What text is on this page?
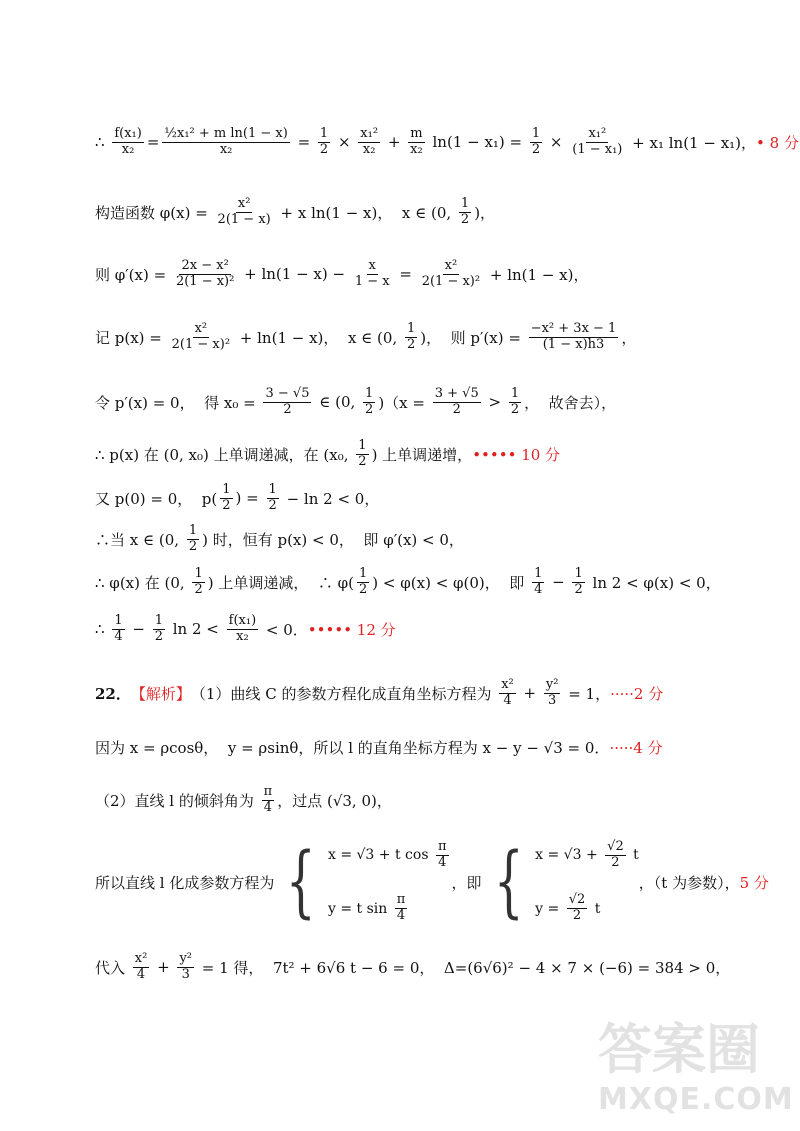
∴ $\frac{\text{f(x₁)}}{\text{x₂}} = \frac{\text{½x₁² + m ln(1 − x)}}{\text{x₂}} = \frac{1}{2} \times \frac{\text{x₁²}}{\text{x₂}} + \frac{m}{\text{x₂}} \ln(1 - x_1) = \frac{1}{2} \times \frac{\text{x₁²}}{\text{(1 − x₁)}} + x_1$ ln(1 − x₁)， • 8 分
构造函数 $\varphi(x) = \frac{\text{x²}}{2(1 - x)} + x$ ln(1 − x)，  x ∈ (0, $\frac{1}{2}$ )，
则 $\varphi'(x) = \frac{\text{2x − x²}}{\text{2(1 − x)²}} + \ln(1 - x) - \frac{x}{1 - x} = \frac{\text{x²}}{\text{2(1 − x)²}} + \ln(1 - x)$，
记 $p(x) = \frac{\text{x²}}{\text{2(1 − x)²}} + \ln(1 - x)$，  x ∈ (0, $\frac{1}{2}$ )，  则 $p'(x) = \frac{\text{−x² + 3x − 1}}{(1 - x)h3}$ ，
令 p′(x) = 0，  得 $x_0 = \frac{3 - √5}{2}$ ∈ (0, $\frac{1}{2} )(x = \frac{3 + √5}{2} > \frac{1}{2}$ ，  故舍去），
∴ p(x) 在 (0, x₀) 上单调递减，在 (x₀, $\frac{1}{2}$ ) 上单调递增， ••••• 10 分
又 p(0) = 0，  $p( \frac{1}{2}$ ) = $\frac{1}{2} - \ln 2 < 0$，
∴当 x ∈ (0, $\frac{1}{2}$ ) 时，恒有 p(x) < 0，  即 φ′(x) < 0，
∴ φ(x) 在 (0, $\frac{1}{2}$ ) 上单调递减，  ∴ $\varphi( \frac{1}{2}$ ) < φ(x) < φ(0)，  即 $\frac{1}{4} - \frac{1}{2}$ ln 2 < φ(x) < 0，
∴ $\frac{1}{4} - \frac{1}{2}$ $\ln 2 < \frac{\text{f(x₁)}}{\text{x₂}} < 0$． ••••• 12 分
22． 【解析】 （1）曲线 C 的参数方程化成直角坐标方程为 $\frac{\text{x²}}{4} + \frac{\text{y²}}{3} = 1$， ·····2 分
因为 x = ρcosθ，  y = ρsinθ，所以 l 的直角坐标方程为 x − y − √3 = 0． ·····4 分
（2）直线 l 的倾斜角为 $\frac{\pi}{4}$ ，过点 (√3, 0)，
所以直线 l 化成参数方程为 { x = √3 + t $\cos \frac{\pi}{4}$
y = t $\sin \frac{\pi}{4}$
，即 { $x = √3 + \frac{√2}{2}$ t
$y = \frac{√2}{2}$ t
，（t 为参数）， 5 分
代入 $\frac{\text{x²}}{4} + \frac{\text{y²}}{3} = 1$ 得，  7t² + 6√6 t − 6 = 0，  Δ=(6√6)² − 4 × 7 × (−6) = 384 > 0，
答案圈
MXQE.COM
